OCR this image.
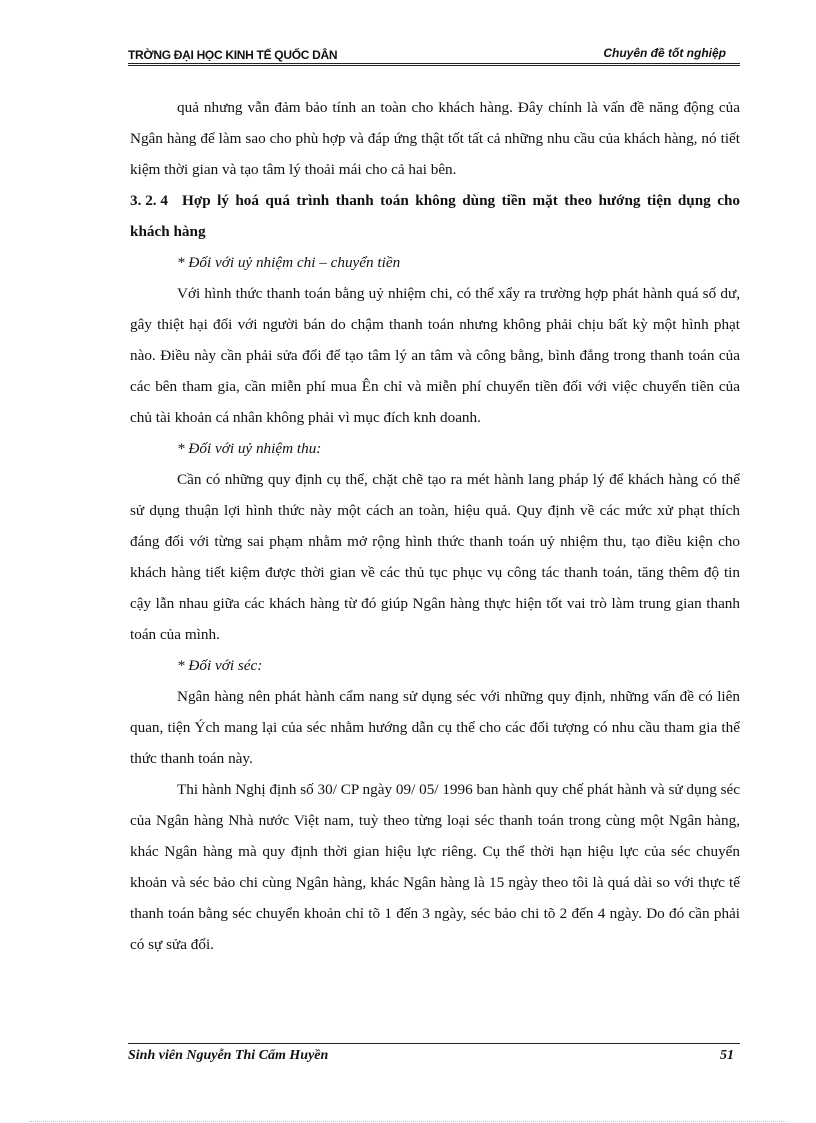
TRỜNG ĐẠI HỌC KINH TẾ QUỐC DÂN	Chuyên đề tốt nghiệp

quả nhưng vẫn đảm bảo tính an toàn cho khách hàng. Đây chính là vấn đề năng động của Ngân hàng để làm sao cho phù hợp và đáp ứng thật tốt tất cả những nhu cầu của khách hàng, nó tiết kiệm thời gian và tạo tâm lý thoải mái cho cả hai bên.

3. 2. 4 Hợp lý hoá quá trình thanh toán không dùng tiền mặt theo hướng tiện dụng cho khách hàng

* Đối với uỷ nhiệm chi – chuyển tiền

Với hình thức thanh toán bằng uỷ nhiệm chi, có thể xẩy ra trường hợp phát hành quá số dư, gây thiệt hại đối với người bán do chậm thanh toán nhưng không phải chịu bất kỳ một hình phạt nào. Điều này cần phải sửa đổi để tạo tâm lý an tâm và công bằng, bình đẳng trong thanh toán của các bên tham gia, cần miễn phí mua Ên chỉ và miễn phí chuyển tiền đối với việc chuyển tiền của chủ tài khoản cá nhân không phải vì mục đích knh doanh.

* Đối với uỷ nhiệm thu:

Cần có những quy định cụ thể, chặt chẽ tạo ra mét hành lang pháp lý để khách hàng có thể sử dụng thuận lợi hình thức này một cách an toàn, hiệu quả. Quy định về các mức xử phạt thích đáng đối với từng sai phạm nhằm mở rộng hình thức thanh toán uỷ nhiệm thu, tạo điều kiện cho khách hàng tiết kiệm được thời gian về các thủ tục phục vụ công tác thanh toán, tăng thêm độ tin cậy lẫn nhau giữa các khách hàng từ đó giúp Ngân hàng thực hiện tốt vai trò làm trung gian thanh toán của mình.

* Đối với séc:

Ngân hàng nên phát hành cẩm nang sử dụng séc với những quy định, những vấn đề có liên quan, tiện Ých mang lại của séc nhằm hướng dẫn cụ thể cho các đối tượng có nhu cầu tham gia thể thức thanh toán này.

Thi hành Nghị định số 30/ CP ngày 09/ 05/ 1996 ban hành quy chế phát hành và sử dụng séc của Ngân hàng Nhà nước Việt nam, tuỳ theo từng loại séc thanh toán trong cùng một Ngân hàng, khác Ngân hàng mà quy định thời gian hiệu lực riêng. Cụ thể thời hạn hiệu lực của séc chuyển khoản và séc bảo chi cùng Ngân hàng, khác Ngân hàng là 15 ngày theo tôi là quá dài so với thực tế thanh toán bằng séc chuyển khoản chỉ tõ 1 đến 3 ngày, séc bảo chi tõ 2 đến 4 ngày. Do đó cần phải có sự sửa đổi.

Sinh viên Nguyễn Thi Cẩm Huyền	51
